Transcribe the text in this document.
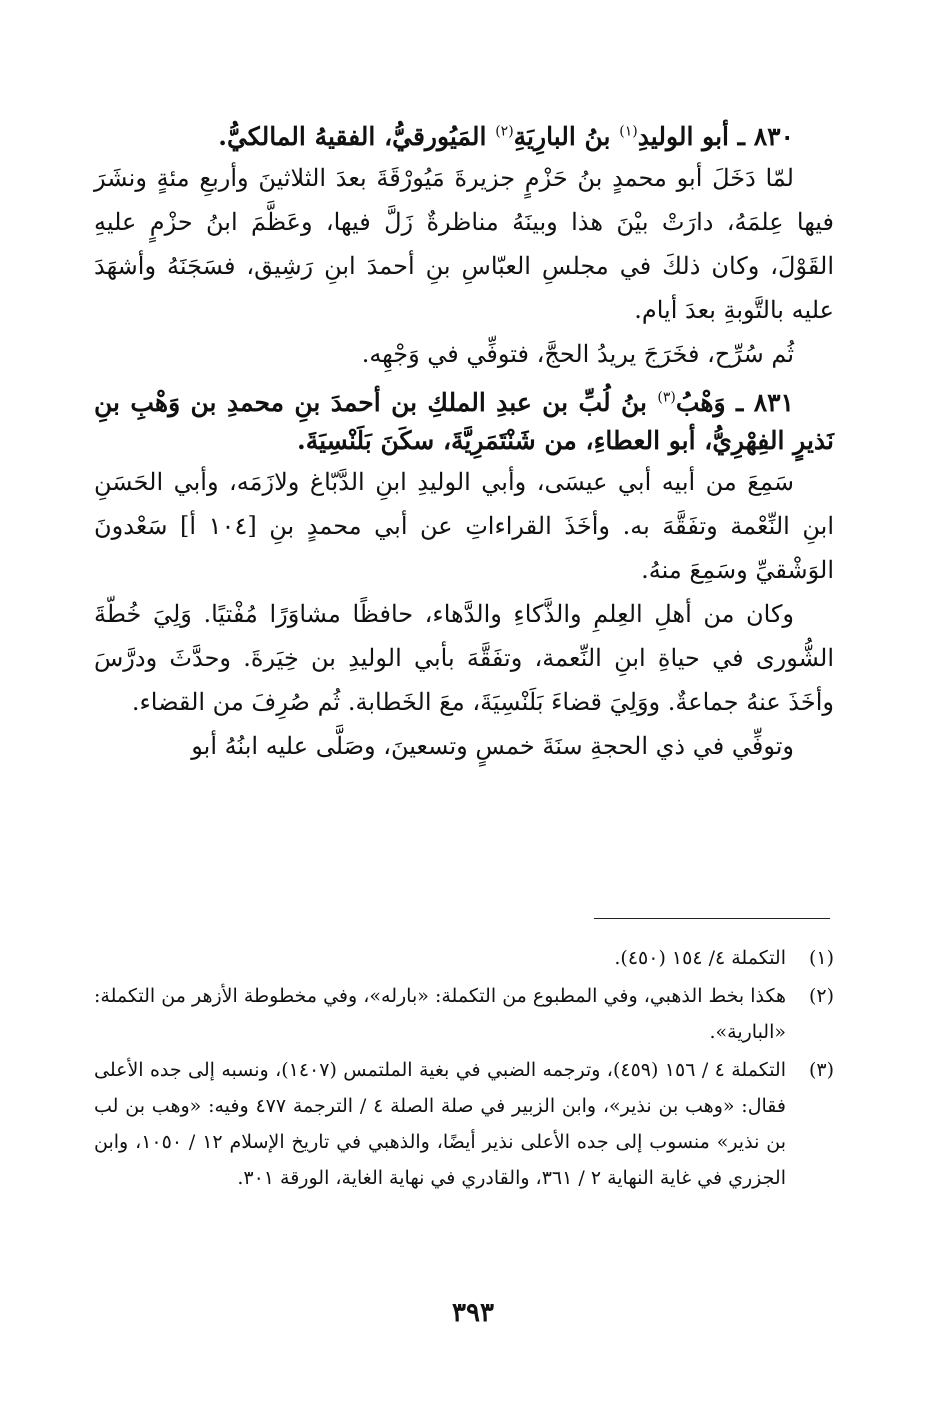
٨٣٠ ـ أبو الوليدِ$^{(١)}$ بنُ البارِيَةِ$^{(٢)}$ المَيُورقيُّ، الفقيهُ المالكيُّ.

لمّا دَخَلَ أبو محمدٍ بنُ حَزْمٍ جزيرةَ مَيُورْقَةَ بعدَ الثلاثينَ وأربعِ مئةٍ ونشَرَ فيها عِلمَهُ، دارَتْ بيْنَ هذا وبينَهُ مناظرةٌ زَلَّ فيها، وعَظَّمَ ابنُ حزْمٍ عليهِ القَوْلَ، وكان ذلكَ في مجلسِ العبّاسِ بنِ أحمدَ ابنِ رَشِيق، فسَجَنَهُ وأشهَدَ عليه بالتَّوبةِ بعدَ أيام.

ثُم سُرِّح، فخَرَجَ يريدُ الحجَّ، فتوفِّي في وَجْهِه.

٨٣١ ـ وَهْبُ$^{(٣)}$ بنُ لُبِّ بن عبدِ الملكِ بن أحمدَ بنِ محمدِ بن وَهْبِ بنِ نَذيرٍ الفِهْرِيُّ، أبو العطاءِ، من شَنْتَمَرِيَّةَ، سكَنَ بَلَنْسِيَةَ.

سَمِعَ من أبيه أبي عيسَى، وأبي الوليدِ ابنِ الدَّبّاغ ولازَمَه، وأبي الحَسَنِ ابنِ النِّعْمة وتفَقَّهَ به. وأخَذَ القراءاتِ عن أبي محمدٍ بنِ [١٠٤ أ] سَعْدونَ الوَشْقيِّ وسَمِعَ منهُ.

وكان من أهلِ العِلمِ والذَّكاءِ والدَّهاء، حافظًا مشاوَرًا مُفْتيًا. وَلِيَ خُطّةَ الشُّورى في حياةِ ابنِ النِّعمة، وتفَقَّهَ بأبي الوليدِ بن خِيَرةَ. وحدَّثَ ودرَّسَ وأخَذَ عنهُ جماعةٌ. ووَلِيَ قضاءَ بَلَنْسِيَةَ، معَ الخَطابة. ثُم صُرِفَ من القضاء.

وتوفِّي في ذي الحجةِ سنَةَ خمسٍ وتسعينَ، وصَلَّى عليه ابنُهُ أبو

(١)
التكملة ٤/ ١٥٤ (٤٥٠).
(٢)
هكذا بخط الذهبي، وفي المطبوع من التكملة: «بارله»، وفي مخطوطة الأزهر من التكملة: «البارية».
(٣)
التكملة ٤ / ١٥٦ (٤٥٩)، وترجمه الضبي في بغية الملتمس (١٤٠٧)، ونسبه إلى جده الأعلى فقال: «وهب بن نذير»، وابن الزبير في صلة الصلة ٤ / الترجمة ٤٧٧ وفيه: «وهب بن لب بن نذير» منسوب إلى جده الأعلى نذير أيضًا، والذهبي في تاريخ الإسلام ١٢ / ١٠٥٠، وابن الجزري في غاية النهاية ٢ / ٣٦١، والقادري في نهاية الغاية، الورقة ٣٠١.
٣٩٣
